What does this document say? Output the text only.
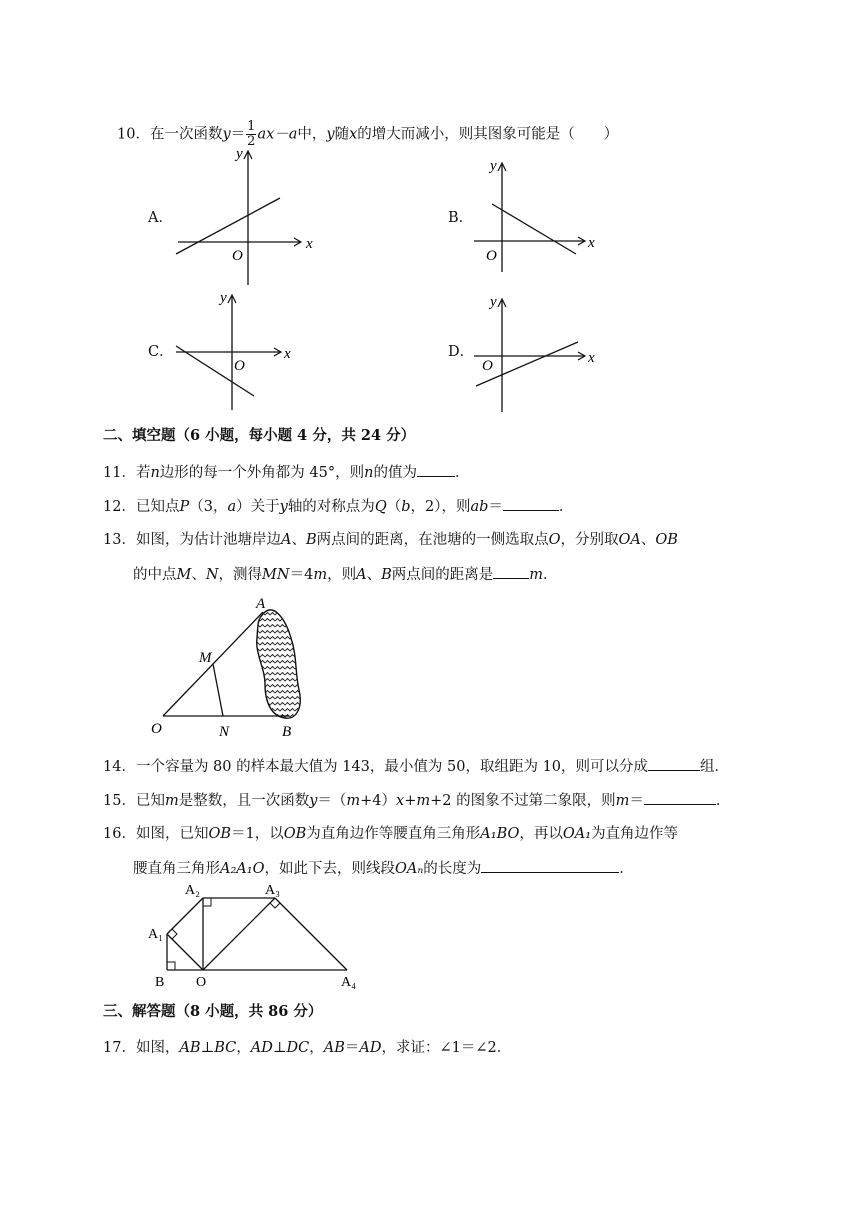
10．在一次函数$y= \frac{1}{2} ax-a$中，y随x的增大而减小，则其图象可能是（　　）
A．
x
y
O
B．
x
y
O
C．	x
y
O
D．	x
y
O
二、填空题（6 小题，每小题 4 分，共 24 分）
11．若n边形的每一个外角都为 45°，则n的值为	．
12．已知点P（3，a）关于y轴的对称点为Q（b，2），则ab＝	．
13．如图，为估计池塘岸边A、B两点间的距离，在池塘的一侧选取点O，分别取OA、OB
的中点M、N，测得MN＝4m，则A、B两点间的距离是 m．
A
M
O	N	B
14．一个容量为 80 的样本最大值为 143，最小值为 50，取组距为 10，则可以分成	组．
15．已知m是整数，且一次函数y＝（m+4）x+m+2 的图象不过第二象限，则m＝	．
16．如图，已知OB＝1，以OB为直角边作等腰直角三角形A₁BO，再以OA₁为直角边作等
腰直角三角形A₂A₁O，如此下去，则线段OAₙ的长度为	．
A₁
A₂	A₃
A₄
B O
三、解答题（8 小题，共 86 分）
17．如图，AB⊥BC，AD⊥DC，AB＝AD，求证：∠1＝∠2．
